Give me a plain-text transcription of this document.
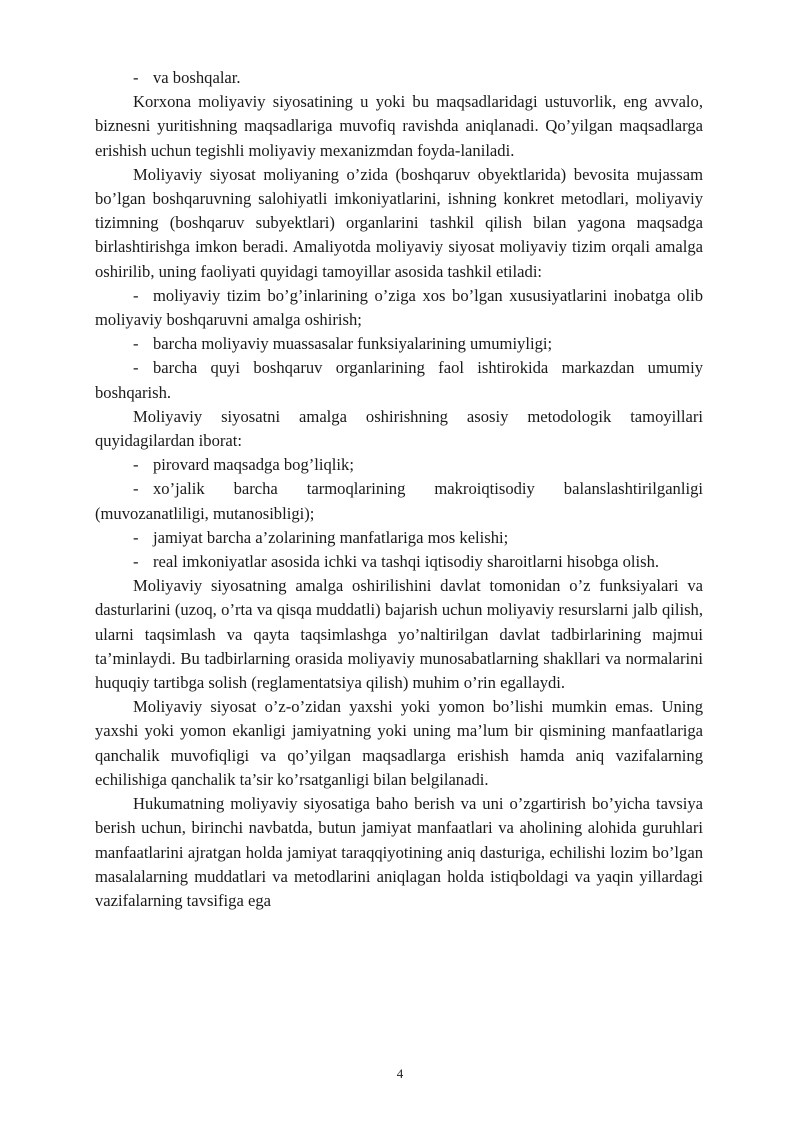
- va boshqalar.

Korxona moliyaviy siyosatining u yoki bu maqsadlaridagi ustuvorlik, eng avvalo, biznesni yuritishning maqsadlariga muvofiq ravishda aniqlanadi. Qo’yilgan maqsadlarga erishish uchun tegishli moliyaviy mexanizmdan foyda-laniladi.

Moliyaviy siyosat moliyaning o’zida (boshqaruv obyektlarida) bevosita mujassam bo’lgan boshqaruvning salohiyatli imkoniyatlarini, ishning konkret metodlari, moliyaviy tizimning (boshqaruv subyektlari) organlarini tashkil qilish bilan yagona maqsadga birlashtirishga imkon beradi. Amaliyotda moliyaviy siyosat moliyaviy tizim orqali amalga oshirilib, uning faoliyati quyidagi tamoyillar asosida tashkil etiladi:

- moliyaviy tizim bo’g’inlarining o’ziga xos bo’lgan xususiyatlarini inobatga olib moliyaviy boshqaruvni amalga oshirish;

- barcha moliyaviy muassasalar funksiyalarining umumiyligi;

- barcha quyi boshqaruv organlarining faol ishtirokida markazdan umumiy boshqarish.

Moliyaviy siyosatni amalga oshirishning asosiy metodologik tamoyillari quyidagilardan iborat:

- pirovard maqsadga bog’liqlik;

- xo’jalik barcha tarmoqlarining makroiqtisodiy balanslashtirilganligi (muvozanatliligi, mutanosibligi);

- jamiyat barcha a’zolarining manfatlariga mos kelishi;

- real imkoniyatlar asosida ichki va tashqi iqtisodiy sharoitlarni hisobga olish.

Moliyaviy siyosatning amalga oshirilishini davlat tomonidan o’z funksiyalari va dasturlarini (uzoq, o’rta va qisqa muddatli) bajarish uchun moliyaviy resurslarni jalb qilish, ularni taqsimlash va qayta taqsimlashga yo’naltirilgan davlat tadbirlarining majmui ta’minlaydi. Bu tadbirlarning orasida moliyaviy munosabatlarning shakllari va normalarini huquqiy tartibga solish (reglamentatsiya qilish) muhim o’rin egallaydi.

Moliyaviy siyosat o’z-o’zidan yaxshi yoki yomon bo’lishi mumkin emas. Uning yaxshi yoki yomon ekanligi jamiyatning yoki uning ma’lum bir qismining manfaatlariga qanchalik muvofiqligi va qo’yilgan maqsadlarga erishish hamda aniq vazifalarning echilishiga qanchalik ta’sir ko’rsatganligi bilan belgilanadi.

Hukumatning moliyaviy siyosatiga baho berish va uni o’zgartirish bo’yicha tavsiya berish uchun, birinchi navbatda, butun jamiyat manfaatlari va aholining alohida guruhlari manfaatlarini ajratgan holda jamiyat taraqqiyotining aniq dasturiga, echilishi lozim bo’lgan masalalarning muddatlari va metodlarini aniqlagan holda istiqboldagi va yaqin yillardagi vazifalarning tavsifiga ega

4
